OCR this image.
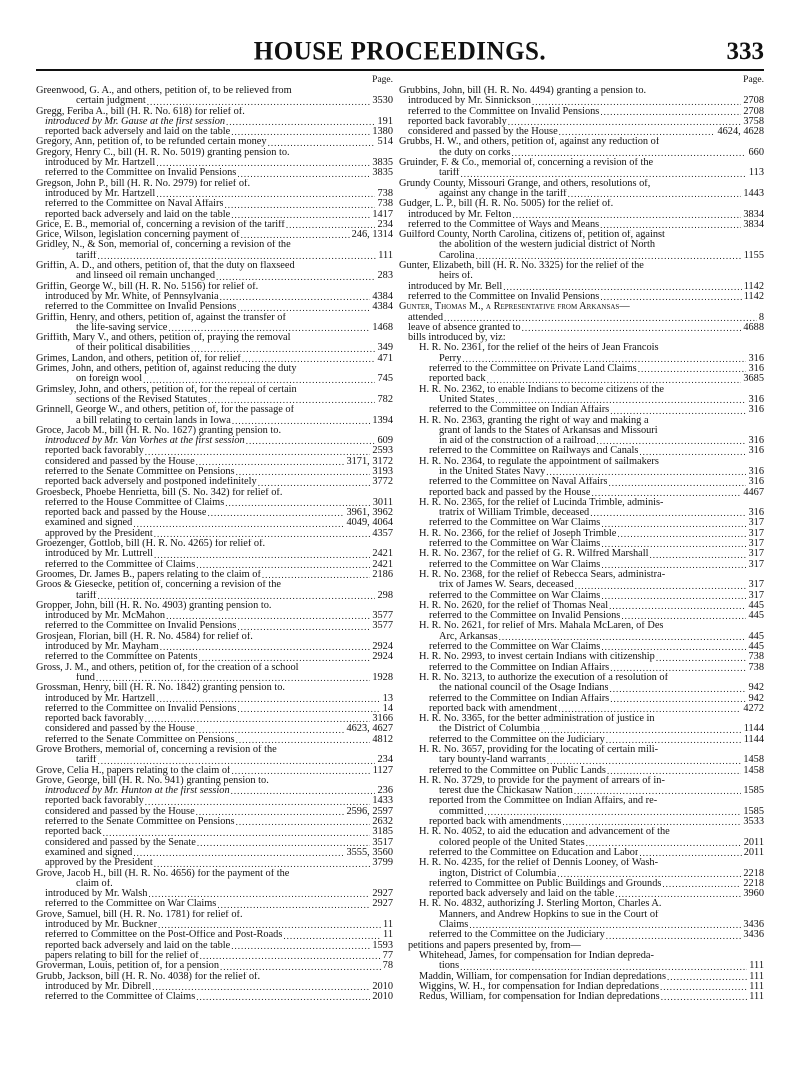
HOUSE PROCEEDINGS.	333
Page.
Greenwood, G. A., and others, petition of, to be relieved from
certain judgment .....	3530
Gregg, Feriba A., bill (H. R. No. 618) for relief of.
introduced by Mr. Gause at the first session .....	191
reported back adversely and laid on the table .....	1380
Gregory, Ann, petition of, to be refunded certain money .....	514
Gregory, Henry C., bill (H. R. No. 5019) granting pension to.
introduced by Mr. Hartzell .....	3835
referred to the Committee on Invalid Pensions .....	3835
Gregson, John P., bill (H. R. No. 2979) for relief of.
introduced by Mr. Hartzell .....	738
referred to the Committee on Naval Affairs .....	738
reported back adversely and laid on the table .....	1417
Grice, E. B., memorial of, concerning a revision of the tariff .....	234
Grice, Wilson, legislation concerning payment of .....	246, 1314
Gridley, N., & Son, memorial of, concerning a revision of the
tariff .....	111
Griffin, A. D., and others, petition of, that the duty on flaxseed
and linseed oil remain unchanged .....	283
Griffin, George W., bill (H. R. No. 5156) for relief of.
introduced by Mr. White, of Pennsylvania .....	4384
referred to the Committee on Invalid Pensions .....	4384
Griffin, Henry, and others, petition of, against the transfer of
the life-saving service .....	1468
Griffith, Mary V., and others, petition of, praying the removal
of their political disabilities .....	349
Grimes, Landon, and others, petition of, for relief .....	471
Grimes, John, and others, petition of, against reducing the duty
on foreign wool .....	745
Grimsley, John, and others, petition of, for the repeal of certain
sections of the Revised Statutes .....	782
Grinnell, George W., and others, petition of, for the passage of
a bill relating to certain lands in Iowa .....	1394
Groce, Jacob M., bill (H. R. No. 1627) granting pension to.
introduced by Mr. Van Vorhes at the first session .....	609
reported back favorably .....	2593
considered and passed by the House .....	3171, 3172
referred to the Senate Committee on Pensions .....	3193
reported back adversely and postponed indefinitely .....	3772
Groesbeck, Phoebe Henrietta, bill (S. No. 342) for relief of.
referred to the House Committee of Claims .....	3011
reported back and passed by the House .....	3961, 3962
examined and signed .....	4049, 4064
approved by the President .....	4357
Groezenger, Gottlob, bill (H. R. No. 4265) for relief of.
introduced by Mr. Luttrell .....	2421
referred to the Committee of Claims .....	2421
Groomes, Dr. James B., papers relating to the claim of .....	2186
Groos & Giesecke, petition of, concerning a revision of the
tariff .....	298
Gropper, John, bill (H. R. No. 4903) granting pension to.
introduced by Mr. McMahon .....	3577
referred to the Committee on Invalid Pensions .....	3577
Grosjean, Florian, bill (H. R. No. 4584) for relief of.
introduced by Mr. Mayham .....	2924
referred to the Committee on Patents .....	2924
Gross, J. M., and others, petition of, for the creation of a school
fund .....	1928
Grossman, Henry, bill (H. R. No. 1842) granting pension to.
introduced by Mr. Hartzell .....	13
referred to the Committee on Invalid Pensions .....	14
reported back favorably .....	3166
considered and passed by the House .....	4623, 4627
referred to the Senate Committee on Pensions .....	4812
Grove Brothers, memorial of, concerning a revision of the
tariff .....	234
Grove, Celia H., papers relating to the claim of .....	1127
Grove, George, bill (H. R. No. 941) granting pension to.
introduced by Mr. Hunton at the first session .....	236
reported back favorably .....	1433
considered and passed by the House .....	2596, 2597
referred to the Senate Committee on Pensions .....	2632
reported back .....	3185
considered and passed by the Senate .....	3517
examined and signed .....	3555, 3560
approved by the President .....	3799
Grove, Jacob H., bill (H. R. No. 4656) for the payment of the
claim of.
introduced by Mr. Walsh .....	2927
referred to the Committee on War Claims .....	2927
Grove, Samuel, bill (H. R. No. 1781) for relief of.
introduced by Mr. Buckner .....	11
referred to Committee on the Post-Office and Post-Roads .....	11
reported back adversely and laid on the table .....	1593
papers relating to bill for the relief of .....	77
Groverman, Louis, petition of, for a pension .....	78
Grubb, Jackson, bill (H. R. No. 4038) for the relief of.
introduced by Mr. Dibrell .....	2010
referred to the Committee of Claims .....	2010
Page.
Grubbins, John, bill (H. R. No. 4494) granting a pension to.
introduced by Mr. Sinnickson .....	2708
referred to the Committee on Invalid Pensions .....	2708
reported back favorably .....	3758
considered and passed by the House .....	4624, 4628
Grubbs, H. W., and others, petition of, against any reduction of
the duty on corks .....	660
Gruinder, F. & Co., memorial of, concerning a revision of the
tariff .....	113
Grundy County, Missouri Grange, and others, resolutions of,
against any change in the tariff .....	1443
Gudger, L. P., bill (H. R. No. 5005) for the relief of.
introduced by Mr. Felton .....	3834
referred to the Committee of Ways and Means .....	3834
Guilford County, North Carolina, citizens of, petition of, against
the abolition of the western judicial district of North
Carolina .....	1155
Gunter, Elizabeth, bill (H. R. No. 3325) for the relief of the
heirs of.
introduced by Mr. Bell .....	1142
referred to the Committee on Invalid Pensions .....	1142
Gunter, Thomas M., a Representative from Arkansas—
attended .....	8
leave of absence granted to .....	4688
bills introduced by, viz:
H. R. No. 2361, for the relief of the heirs of Jean Francois
Perry .....	316
referred to the Committee on Private Land Claims .....	316
reported back .....	3685
H. R. No. 2362, to enable Indians to become citizens of the
United States .....	316
referred to the Committee on Indian Affairs .....	316
H. R. No. 2363, granting the right of way and making a
grant of lands to the States of Arkansas and Missouri
in aid of the construction of a railroad .....	316
referred to the Committee on Railways and Canals .....	316
H. R. No. 2364, to regulate the appointment of sailmakers
in the United States Navy .....	316
referred to the Committee on Naval Affairs .....	316
reported back and passed by the House .....	4467
H. R. No. 2365, for the relief of Lucinda Trimble, adminis-
tratrix of William Trimble, deceased .....	316
referred to the Committee on War Claims .....	317
H. R. No. 2366, for the relief of Joseph Trimble .....	317
referred to the Committee on War Claims .....	317
H. R. No. 2367, for the relief of G. R. Wilfred Marshall .....	317
referred to the Committee on War Claims .....	317
H. R. No. 2368, for the relief of Rebecca Sears, administra-
trix of James W. Sears, deceased .....	317
referred to the Committee on War Claims .....	317
H. R. No. 2620, for the relief of Thomas Neal .....	445
referred to the Committee on Invalid Pensions .....	445
H. R. No. 2621, for relief of Mrs. Mahala McLaren, of Des
Arc, Arkansas .....	445
referred to the Committee on War Claims .....	445
H. R. No. 2993, to invest certain Indians with citizenship .....	738
referred to the Committee on Indian Affairs .....	738
H. R. No. 3213, to authorize the execution of a resolution of
the national council of the Osage Indians .....	942
referred to the Committee on Indian Affairs .....	942
reported back with amendment .....	4272
H. R. No. 3365, for the better administration of justice in
the District of Columbia .....	1144
referred to the Committee on the Judiciary .....	1144
H. R. No. 3657, providing for the locating of certain mili-
tary bounty-land warrants .....	1458
referred to the Committee on Public Lands .....	1458
H. R. No. 3729, to provide for the payment of arrears of in-
terest due the Chickasaw Nation .....	1585
reported from the Committee on Indian Affairs, and re-
committed .....	1585
reported back with amendments .....	3533
H. R. No. 4052, to aid the education and advancement of the
colored people of the United States .....	2011
referred to the Committee on Education and Labor .....	2011
H. R. No. 4235, for the relief of Dennis Looney, of Wash-
ington, District of Columbia .....	2218
referred to Committee on Public Buildings and Grounds .....	2218
reported back adversely and laid on the table .....	3960
H. R. No. 4832, authorizing J. Sterling Morton, Charles A.
Manners, and Andrew Hopkins to sue in the Court of
Claims .....	3436
referred to the Committee on the Judiciary .....	3436
petitions and papers presented by, from—
Whitehead, James, for compensation for Indian depreda-
tions .....	111
Maddin, William, for compensation for Indian depredations .....	111
Wiggins, W. H., for compensation for Indian depredations .....	111
Redus, William, for compensation for Indian depredations .....	111
